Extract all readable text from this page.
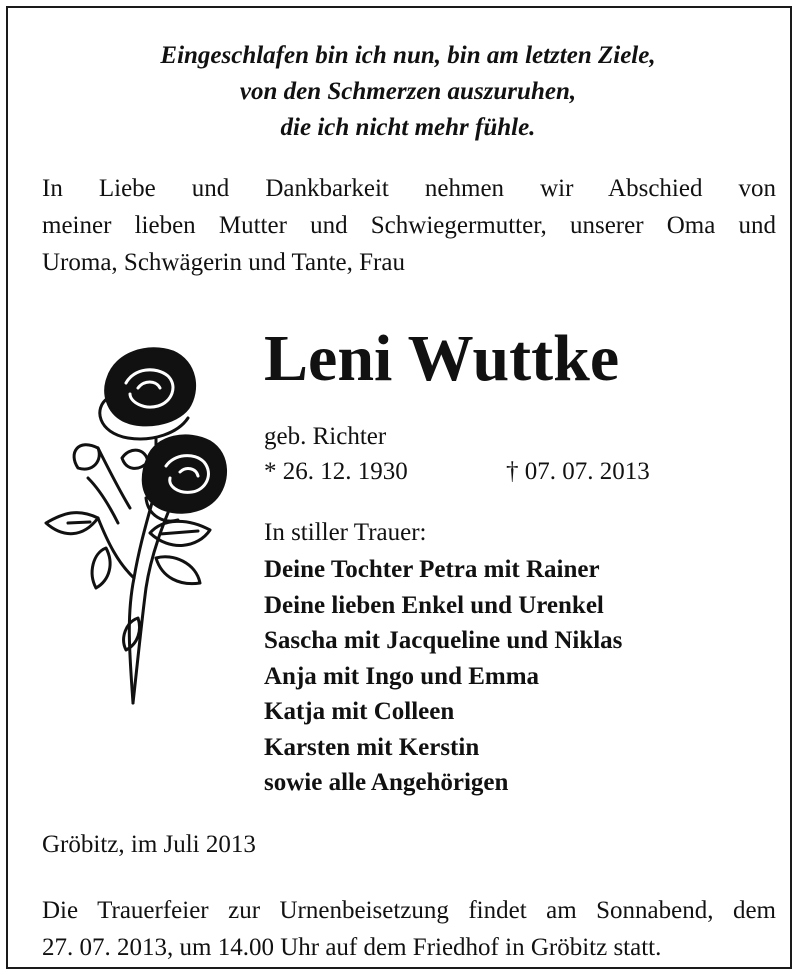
Eingeschlafen bin ich nun, bin am letzten Ziele,
von den Schmerzen auszuruhen,
die ich nicht mehr fühle.
In Liebe und Dankbarkeit nehmen wir Abschied von
meiner lieben Mutter und Schwiegermutter, unserer Oma und
Uroma, Schwägerin und Tante, Frau
Leni Wuttke
geb. Richter
* 26. 12. 1930	† 07. 07. 2013
In stiller Trauer:
Deine Tochter Petra mit Rainer
Deine lieben Enkel und Urenkel
Sascha mit Jacqueline und Niklas
Anja mit Ingo und Emma
Katja mit Colleen
Karsten mit Kerstin
sowie alle Angehörigen
Gröbitz, im Juli 2013
Die Trauerfeier zur Urnenbeisetzung findet am Sonnabend, dem
27. 07. 2013, um 14.00 Uhr auf dem Friedhof in Gröbitz statt.
